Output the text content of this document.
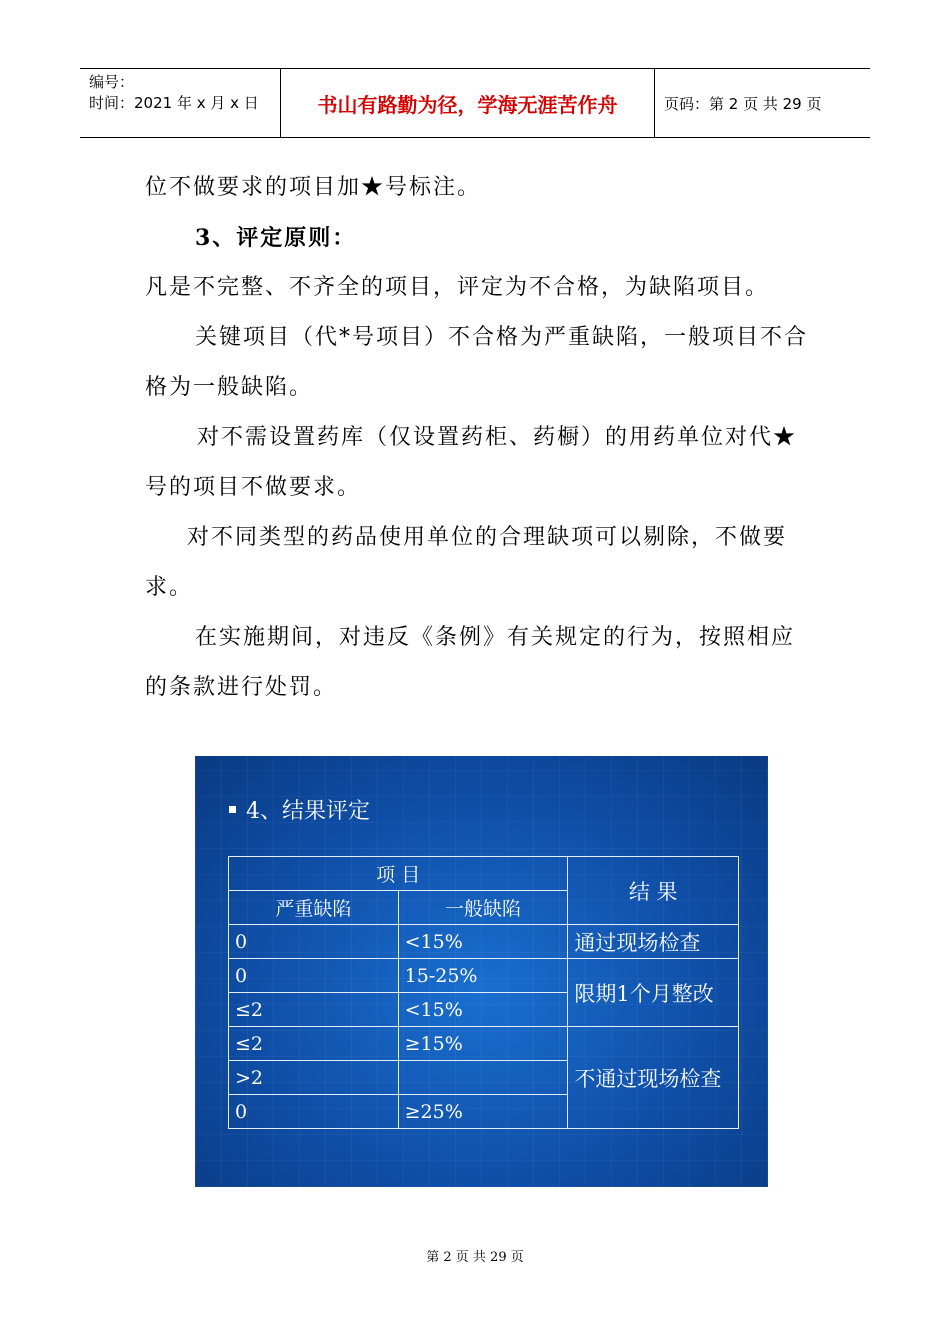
编号：
时间：2021 年 x 月 x 日	书山有路勤为径，学海无涯苦作舟	页码：第 2 页 共 29 页

位不做要求的项目加★号标注。

3、评定原则：

凡是不完整、不齐全的项目，评定为不合格，为缺陷项目。

关键项目（代*号项目）不合格为严重缺陷，一般项目不合格为一般缺陷。

对不需设置药库（仅设置药柜、药橱）的用药单位对代★号的项目不做要求。

对不同类型的药品使用单位的合理缺项可以剔除，不做要求。

在实施期间，对违反《条例》有关规定的行为，按照相应的条款进行处罚。

4、结果评定
项 目		结 果
严重缺陷	一般缺陷	
0	<15%	通过现场检查
0	15-25%	限期1个月整改
≤2	<15%	
≤2	≥15%	不通过现场检查
>2		
0	≥25%	
第 2 页 共 29 页
